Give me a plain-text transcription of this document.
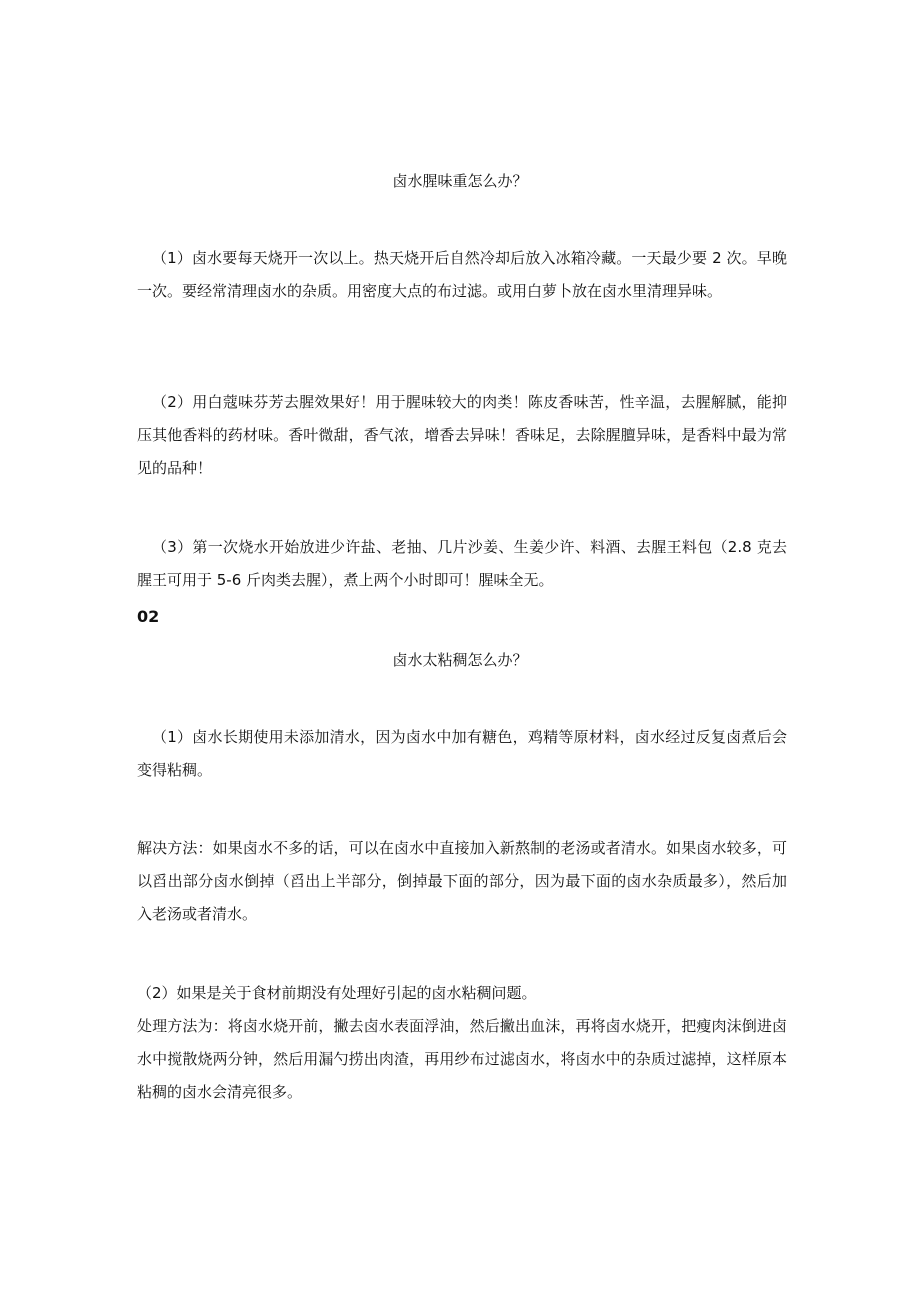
卤水腥味重怎么办？

（1）卤水要每天烧开一次以上。热天烧开后自然冷却后放入冰箱冷藏。一天最少要 2 次。早晚一次。要经常清理卤水的杂质。用密度大点的布过滤。或用白萝卜放在卤水里清理异味。

（2）用白蔻味芬芳去腥效果好！用于腥味较大的肉类！陈皮香味苦，性辛温，去腥解腻，能抑压其他香料的药材味。香叶微甜，香气浓，增香去异味！香味足，去除腥膻异味，是香料中最为常见的品种！

（3）第一次烧水开始放进少许盐、老抽、几片沙姜、生姜少许、料酒、去腥王料包（2.8 克去腥王可用于 5-6 斤肉类去腥），煮上两个小时即可！腥味全无。

02
卤水太粘稠怎么办？

（1）卤水长期使用未添加清水，因为卤水中加有糖色，鸡精等原材料，卤水经过反复卤煮后会变得粘稠。

解决方法：如果卤水不多的话，可以在卤水中直接加入新熬制的老汤或者清水。如果卤水较多，可以舀出部分卤水倒掉（舀出上半部分，倒掉最下面的部分，因为最下面的卤水杂质最多），然后加入老汤或者清水。

（2）如果是关于食材前期没有处理好引起的卤水粘稠问题。

处理方法为：将卤水烧开前，撇去卤水表面浮油，然后撇出血沫，再将卤水烧开，把瘦肉沫倒进卤水中搅散烧两分钟，然后用漏勺捞出肉渣，再用纱布过滤卤水，将卤水中的杂质过滤掉，这样原本粘稠的卤水会清亮很多。
